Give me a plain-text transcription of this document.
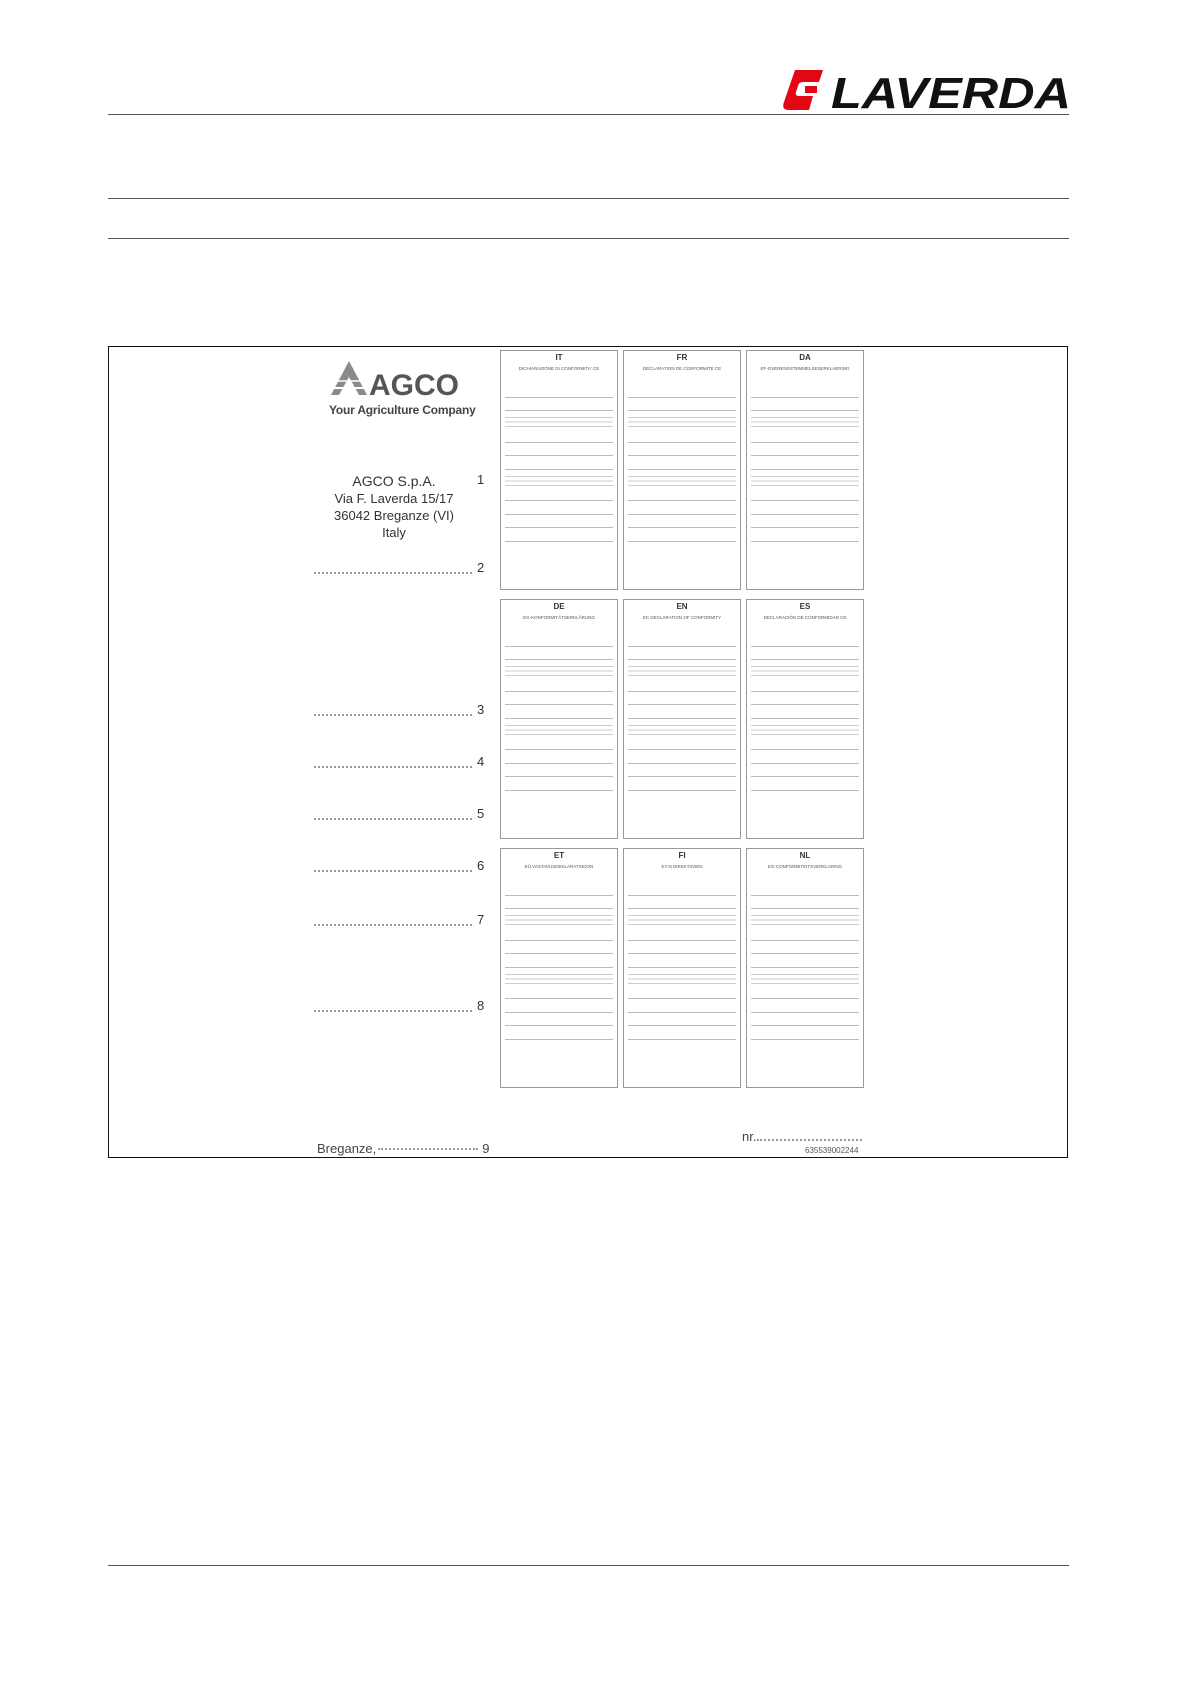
LAVERDA
AGCO
Your Agriculture Company
AGCO S.p.A.
Via F. Laverda 15/17
36042 Breganze (VI)
Italy
1
2
3
4
5
6
7
8
IT
DICHIARAZIONE DI CONFORMITA' CE
FR
DECLARATION DE CONFORMITE CE
DA
EF-OVERENSSTEMMELSESERKLAERING
DE
EG-KONFORMITÄTSERKLÄRUNG
EN
EC DECLARATION OF CONFORMITY
ES
DECLARACIÓN DE CONFORMIDAD CE
ET
EÜ VASTAVUSDEKLARATSIOON
FI
EY:N DIREKTIIVIEN
NL
EG-CONFORMITEITSVERKLARING
Breganze,	9
nr.
635539002244
